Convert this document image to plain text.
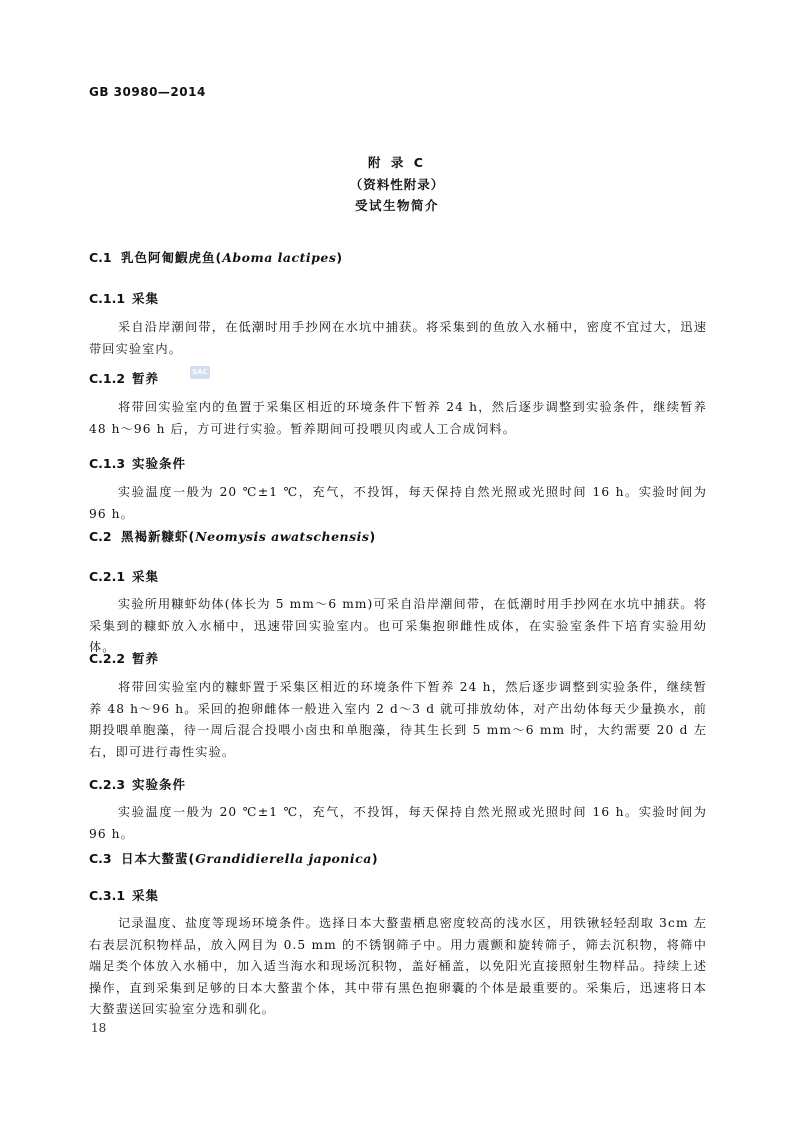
GB 30980—2014
附 录 C
（资料性附录）
受试生物简介
C.1 乳色阿匍鰕虎鱼(Aboma lactipes)
C.1.1 采集
采自沿岸潮间带，在低潮时用手抄网在水坑中捕获。将采集到的鱼放入水桶中，密度不宜过大，迅速带回实验室内。
C.1.2 暂养	SAC
将带回实验室内的鱼置于采集区相近的环境条件下暂养 24 h，然后逐步调整到实验条件，继续暂养 48 h～96 h 后，方可进行实验。暂养期间可投喂贝肉或人工合成饲料。
C.1.3 实验条件
实验温度一般为 20 ℃±1 ℃，充气，不投饵，每天保持自然光照或光照时间 16 h。实验时间为 96 h。
C.2 黑褐新糠虾(Neomysis awatschensis)
C.2.1 采集
实验所用糠虾幼体(体长为 5 mm～6 mm)可采自沿岸潮间带，在低潮时用手抄网在水坑中捕获。将采集到的糠虾放入水桶中，迅速带回实验室内。也可采集抱卵雌性成体，在实验室条件下培育实验用幼体。
C.2.2 暂养
将带回实验室内的糠虾置于采集区相近的环境条件下暂养 24 h，然后逐步调整到实验条件，继续暂养 48 h～96 h。采回的抱卵雌体一般进入室内 2 d～3 d 就可排放幼体，对产出幼体每天少量换水，前期投喂单胞藻，待一周后混合投喂小卤虫和单胞藻，待其生长到 5 mm～6 mm 时，大约需要 20 d 左右，即可进行毒性实验。
C.2.3 实验条件
实验温度一般为 20 ℃±1 ℃，充气，不投饵，每天保持自然光照或光照时间 16 h。实验时间为 96 h。
C.3 日本大螯蜚(Grandidierella japonica)
C.3.1 采集
记录温度、盐度等现场环境条件。选择日本大螯蜚栖息密度较高的浅水区，用铁锹轻轻刮取 3cm 左右表层沉积物样品，放入网目为 0.5 mm 的不锈钢筛子中。用力震颤和旋转筛子，筛去沉积物，将筛中端足类个体放入水桶中，加入适当海水和现场沉积物，盖好桶盖，以免阳光直接照射生物样品。持续上述操作，直到采集到足够的日本大螯蜚个体，其中带有黑色抱卵囊的个体是最重要的。采集后，迅速将日本大螯蜚送回实验室分选和驯化。
18
